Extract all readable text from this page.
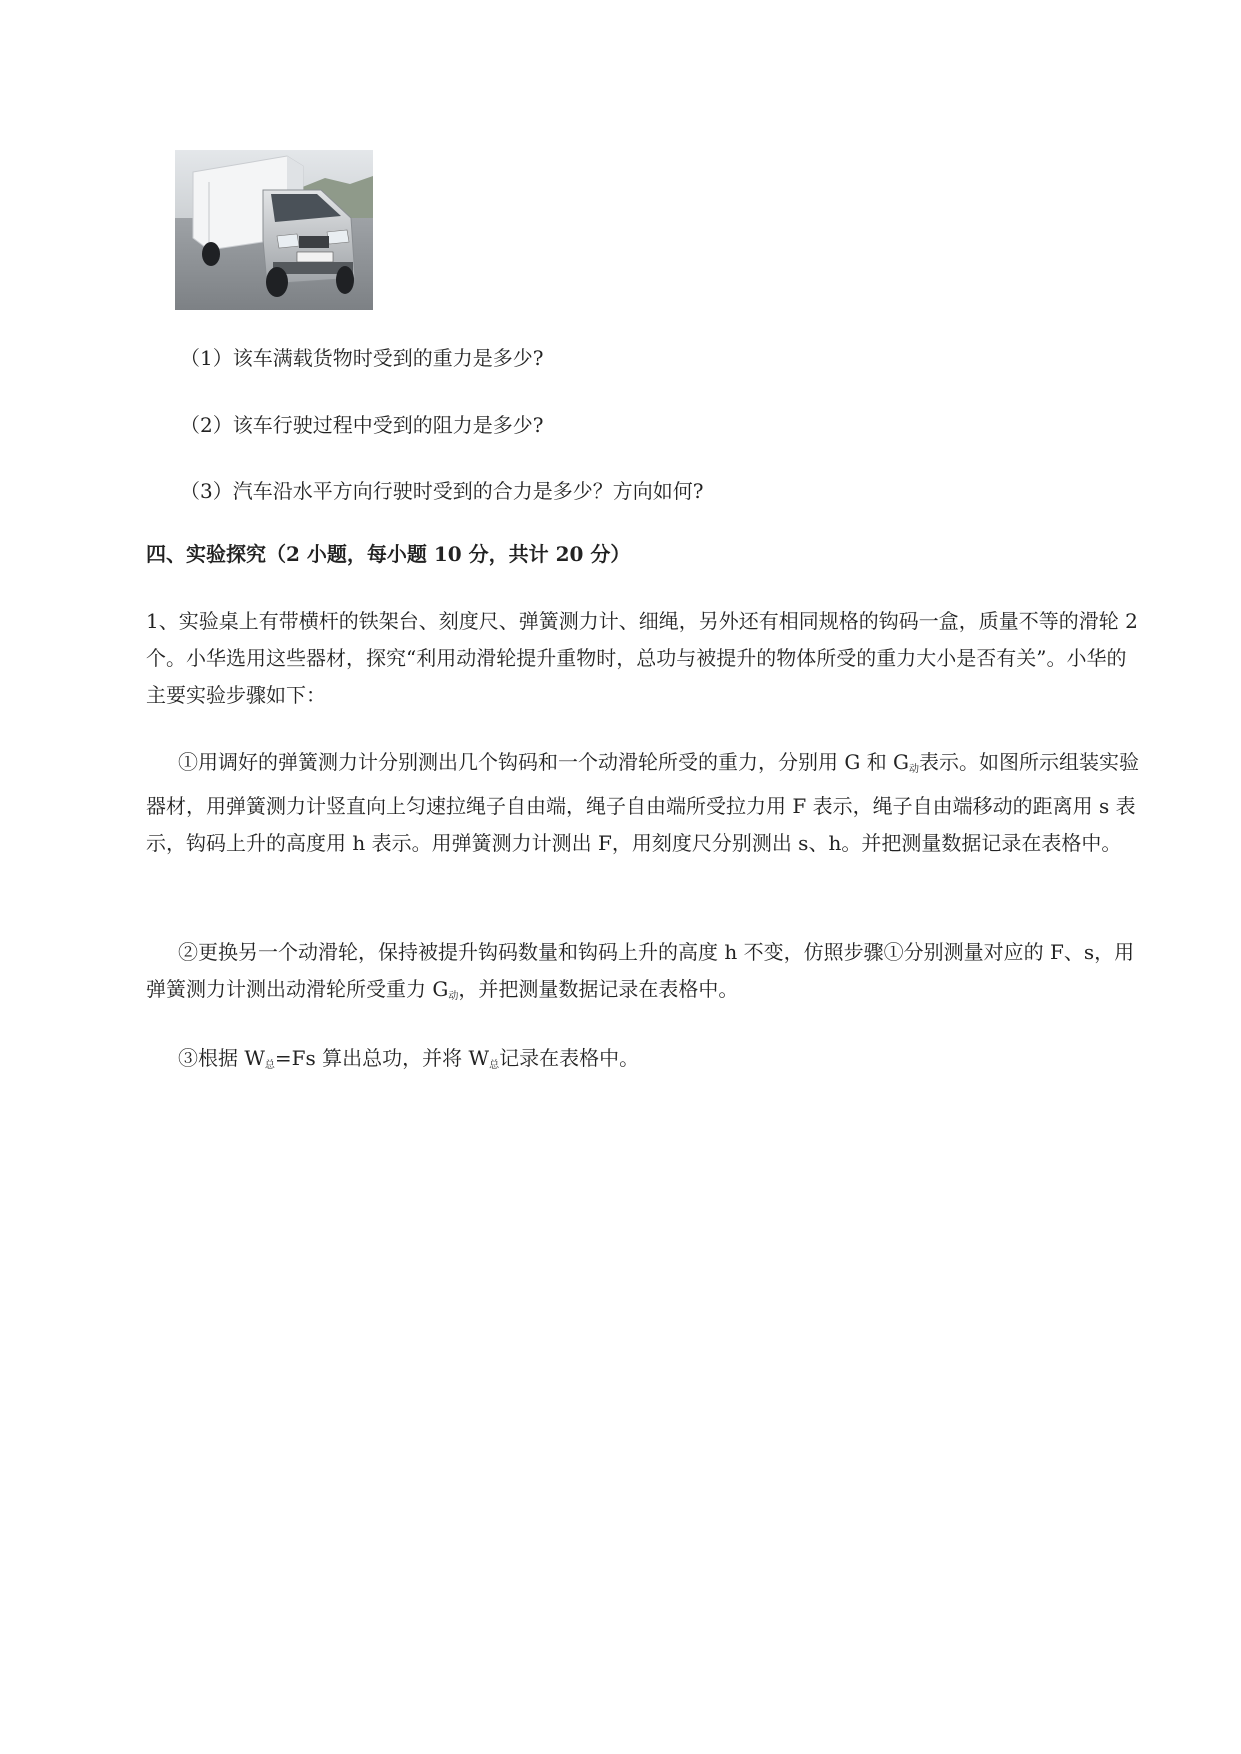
（1）该车满载货物时受到的重力是多少?
（2）该车行驶过程中受到的阻力是多少?
（3）汽车沿水平方向行驶时受到的合力是多少？方向如何?
四、实验探究（2 小题，每小题 10 分，共计 20 分）
1、实验桌上有带横杆的铁架台、刻度尺、弹簧测力计、细绳，另外还有相同规格的钩码一盒，质量不等的滑轮 2 个。小华选用这些器材，探究“利用动滑轮提升重物时，总功与被提升的物体所受的重力大小是否有关”。小华的主要实验步骤如下：
①用调好的弹簧测力计分别测出几个钩码和一个动滑轮所受的重力，分别用 G 和 $G_动$表示。如图所示组装实验器材，用弹簧测力计竖直向上匀速拉绳子自由端，绳子自由端所受拉力用 F 表示，绳子自由端移动的距离用 s 表示，钩码上升的高度用 h 表示。用弹簧测力计测出 F，用刻度尺分别测出 s、h。并把测量数据记录在表格中。
②更换另一个动滑轮，保持被提升钩码数量和钩码上升的高度 h 不变，仿照步骤①分别测量对应的 F、s，用弹簧测力计测出动滑轮所受重力 $G_动$，并把测量数据记录在表格中。
③根据 $W_总=Fs$ 算出总功，并将 $W_总$记录在表格中。
